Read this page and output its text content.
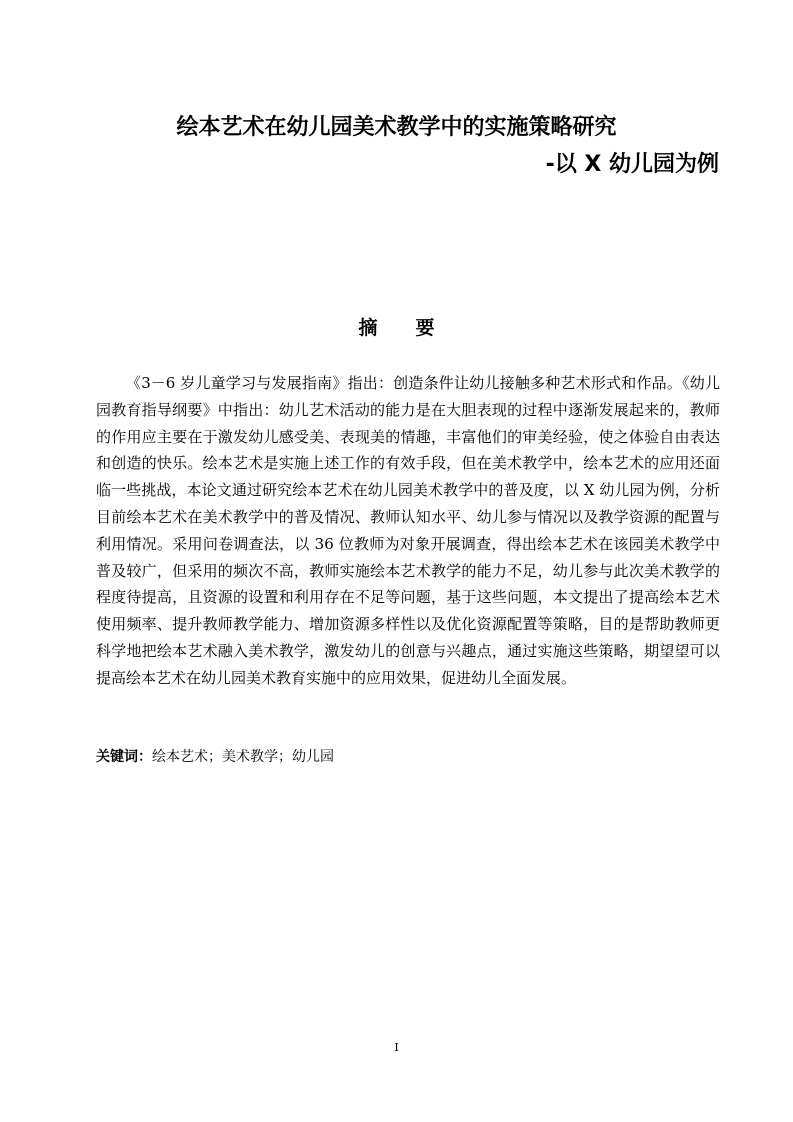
绘本艺术在幼儿园美术教学中的实施策略研究
-以 X 幼儿园为例
摘要

《3－6 岁儿童学习与发展指南》指出：创造条件让幼儿接触多种艺术形式和作品。《幼儿园教育指导纲要》中指出：幼儿艺术活动的能力是在大胆表现的过程中逐渐发展起来的，教师的作用应主要在于激发幼儿感受美、表现美的情趣，丰富他们的审美经验，使之体验自由表达和创造的快乐。绘本艺术是实施上述工作的有效手段，但在美术教学中，绘本艺术的应用还面临一些挑战，本论文通过研究绘本艺术在幼儿园美术教学中的普及度，以 X 幼儿园为例，分析目前绘本艺术在美术教学中的普及情况、教师认知水平、幼儿参与情况以及教学资源的配置与利用情况。采用问卷调查法，以 36 位教师为对象开展调查，得出绘本艺术在该园美术教学中普及较广，但采用的频次不高，教师实施绘本艺术教学的能力不足，幼儿参与此次美术教学的程度待提高，且资源的设置和利用存在不足等问题，基于这些问题，本文提出了提高绘本艺术使用频率、提升教师教学能力、增加资源多样性以及优化资源配置等策略，目的是帮助教师更科学地把绘本艺术融入美术教学，激发幼儿的创意与兴趣点，通过实施这些策略，期望望可以提高绘本艺术在幼儿园美术教育实施中的应用效果，促进幼儿全面发展。

关键词：绘本艺术；美术教学；幼儿园
I
